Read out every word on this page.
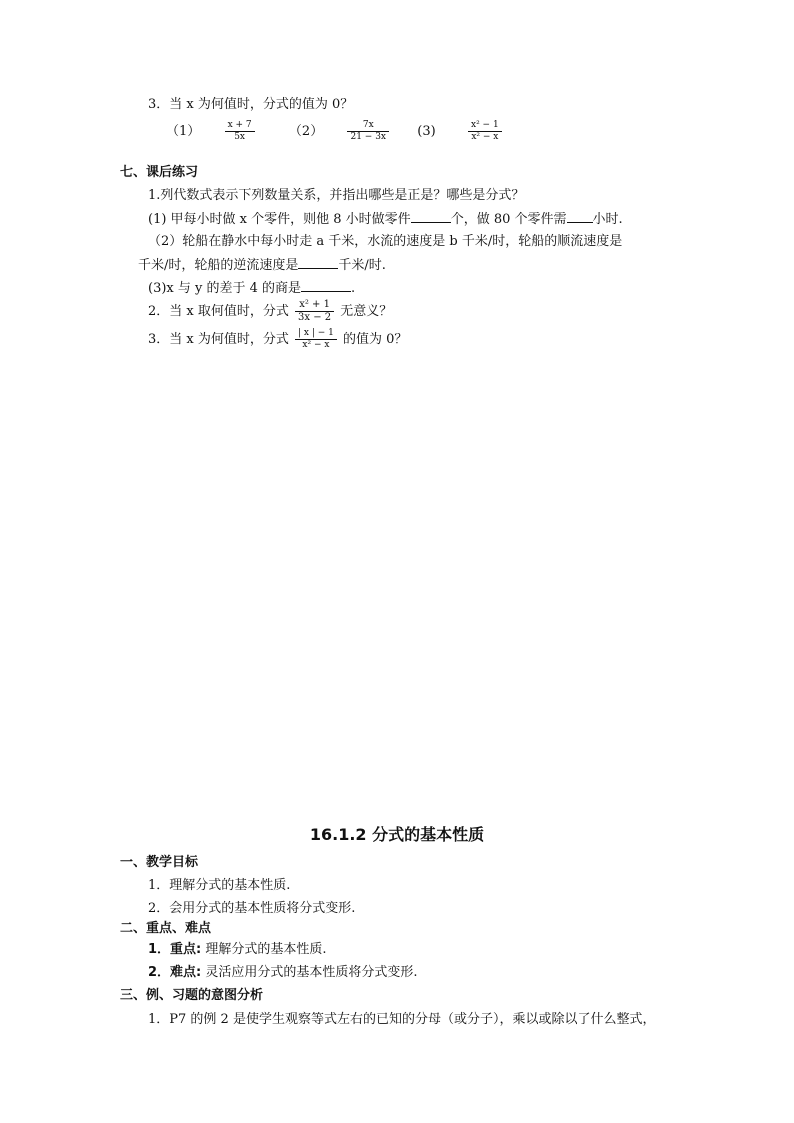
3．当 x 为何值时，分式的值为 0？
（1）	$\frac{x + 7}{5x}$	（2）	$\frac{7x}{21 - 3x} (3)$	$\frac{\text{x² − 1}}{\text{x² − x}}$
七、课后练习
1.列代数式表示下列数量关系，并指出哪些是正是？哪些是分式？
(1) 甲每小时做 x 个零件，则他 8 小时做零件	个，做 80 个零件需 小时.
（2）轮船在静水中每小时走 a 千米，水流的速度是 b 千米/时，轮船的顺流速度是
千米/时，轮船的逆流速度是	千米/时.
(3)x 与 y 的差于 4 的商是	.
2．当 x 取何值时，分式 $\frac{\text{x² + 1}}{3x - 2}$ 无意义？
3．当 x 为何值时，分式 $\frac{| x | - 1}{\text{x² − x}}$ 的值为 0？
16.1.2 分式的基本性质
一、教学目标
1．理解分式的基本性质.
2．会用分式的基本性质将分式变形.
二、重点、难点
1．重点: 理解分式的基本性质.
2．难点: 灵活应用分式的基本性质将分式变形.
三、例、习题的意图分析
1．P7 的例 2 是使学生观察等式左右的已知的分母（或分子），乘以或除以了什么整式，
